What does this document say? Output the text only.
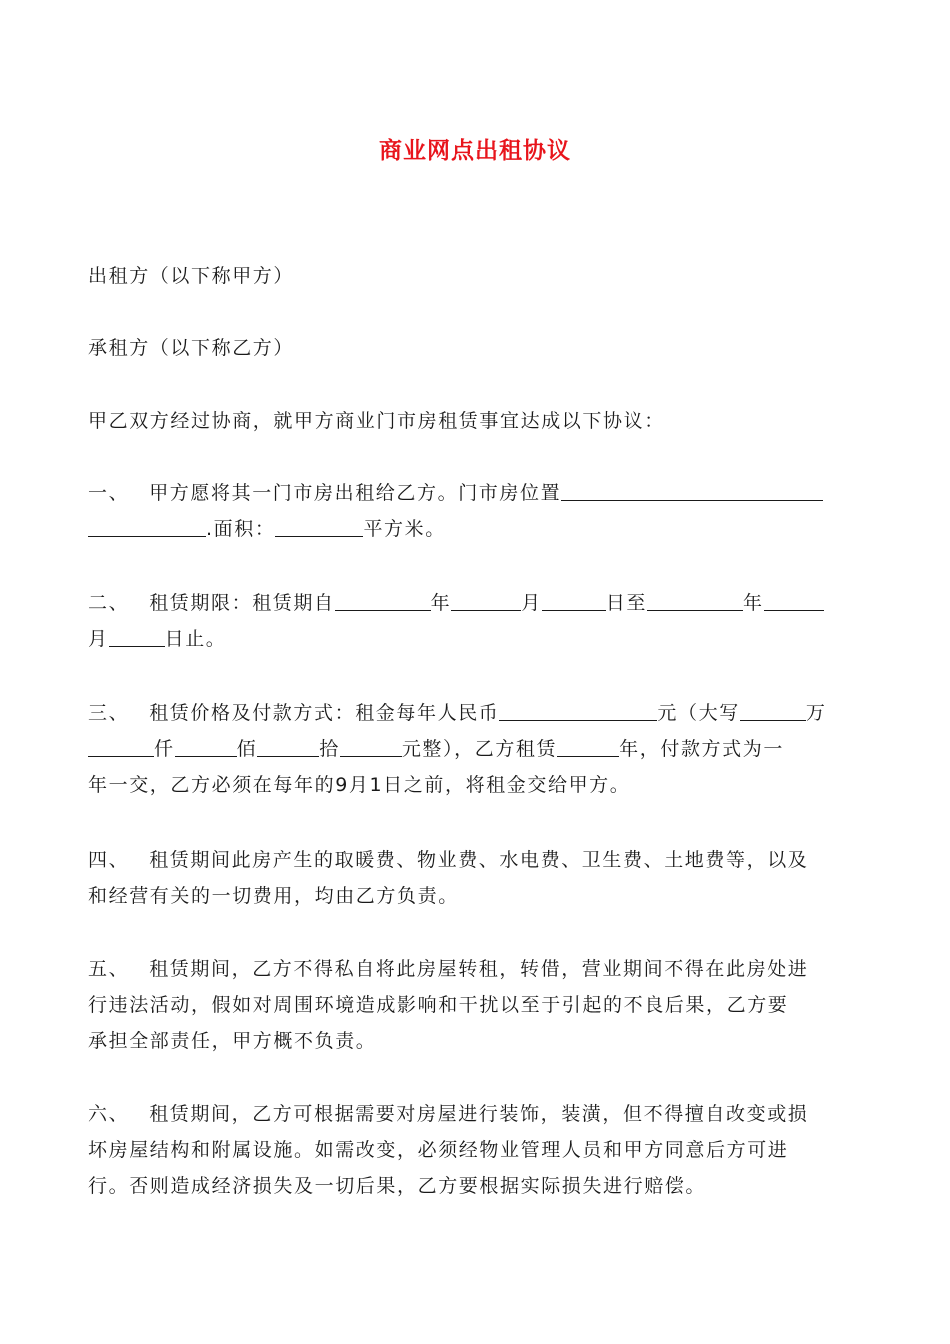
商业网点出租协议

出租方（以下称甲方）

承租方（以下称乙方）

甲乙双方经过协商，就甲方商业门市房租赁事宜达成以下协议：

一、 甲方愿将其一门市房出租给乙方。门市房位置
.面积：	平方米。

二、 租赁期限：租赁期自	年	月	日至	年
月	日止。

三、 租赁价格及付款方式：租金每年人民币	元（大写	万
仟	佰	拾	元整），乙方租赁	年，付款方式为一
年一交，乙方必须在每年的9月1日之前，将租金交给甲方。

四、 租赁期间此房产生的取暖费、物业费、水电费、卫生费、土地费等，以及
和经营有关的一切费用，均由乙方负责。

五、 租赁期间，乙方不得私自将此房屋转租，转借，营业期间不得在此房处进
行违法活动，假如对周围环境造成影响和干扰以至于引起的不良后果，乙方要
承担全部责任，甲方概不负责。

六、 租赁期间，乙方可根据需要对房屋进行装饰，装潢，但不得擅自改变或损
坏房屋结构和附属设施。如需改变，必须经物业管理人员和甲方同意后方可进
行。否则造成经济损失及一切后果，乙方要根据实际损失进行赔偿。
